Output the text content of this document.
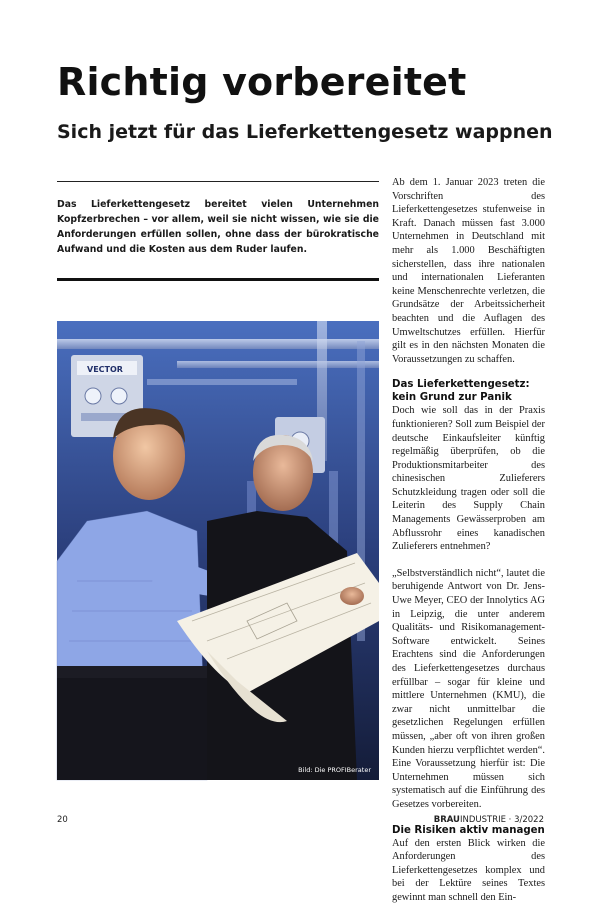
Richtig vorbereitet
Sich jetzt für das Lieferkettengesetz wappnen

Das Lieferkettengesetz bereitet vielen Unternehmen Kopfzerbrechen – vor allem, weil sie nicht wissen, wie sie die Anforderungen erfüllen sollen, ohne dass der bürokratische Aufwand und die Kosten aus dem Ruder laufen.

VECTOR
Bild: Die PROFIBerater

Ab dem 1. Januar 2023 treten die Vorschriften des Lieferkettengesetzes stufenweise in Kraft. Danach müssen fast 3.000 Unternehmen in Deutschland mit mehr als 1.000 Beschäftigten sicherstellen, dass ihre nationalen und internationalen Lieferanten keine Menschenrechte verletzen, die Grundsätze der Arbeitssicherheit beachten und die Auflagen des Umweltschutzes erfüllen. Hierfür gilt es in den nächsten Monaten die Voraussetzungen zu schaffen.

Das Lieferkettengesetz: kein Grund zur Panik

Doch wie soll das in der Praxis funktionieren? Soll zum Beispiel der deutsche Einkaufsleiter künftig regelmäßig überprüfen, ob die Produktionsmitarbeiter des chinesischen Zulieferers Schutzkleidung tragen oder soll die Leiterin des Supply Chain Managements Gewässerproben am Abflussrohr eines kanadischen Zulieferers entnehmen?

„Selbstverständlich nicht“, lautet die beruhigende Antwort von Dr. Jens-Uwe Meyer, CEO der Innolytics AG in Leipzig, die unter anderem Qualitäts- und Risikomanagement-Software entwickelt. Seines Erachtens sind die Anforderungen des Lieferkettengesetzes durchaus erfüllbar – sogar für kleine und mittlere Unternehmen (KMU), die zwar nicht unmittelbar die gesetzlichen Regelungen erfüllen müssen, „aber oft von ihren großen Kunden hierzu verpflichtet werden“. Eine Voraussetzung hierfür ist: Die Unternehmen müssen sich systematisch auf die Einführung des Gesetzes vorbereiten.

Die Risiken aktiv managen

Auf den ersten Blick wirken die Anforderungen des Lieferkettengesetzes komplex und bei der Lektüre seines Textes gewinnt man schnell den Ein-

20	BRAUINDUSTRIE · 3/2022
